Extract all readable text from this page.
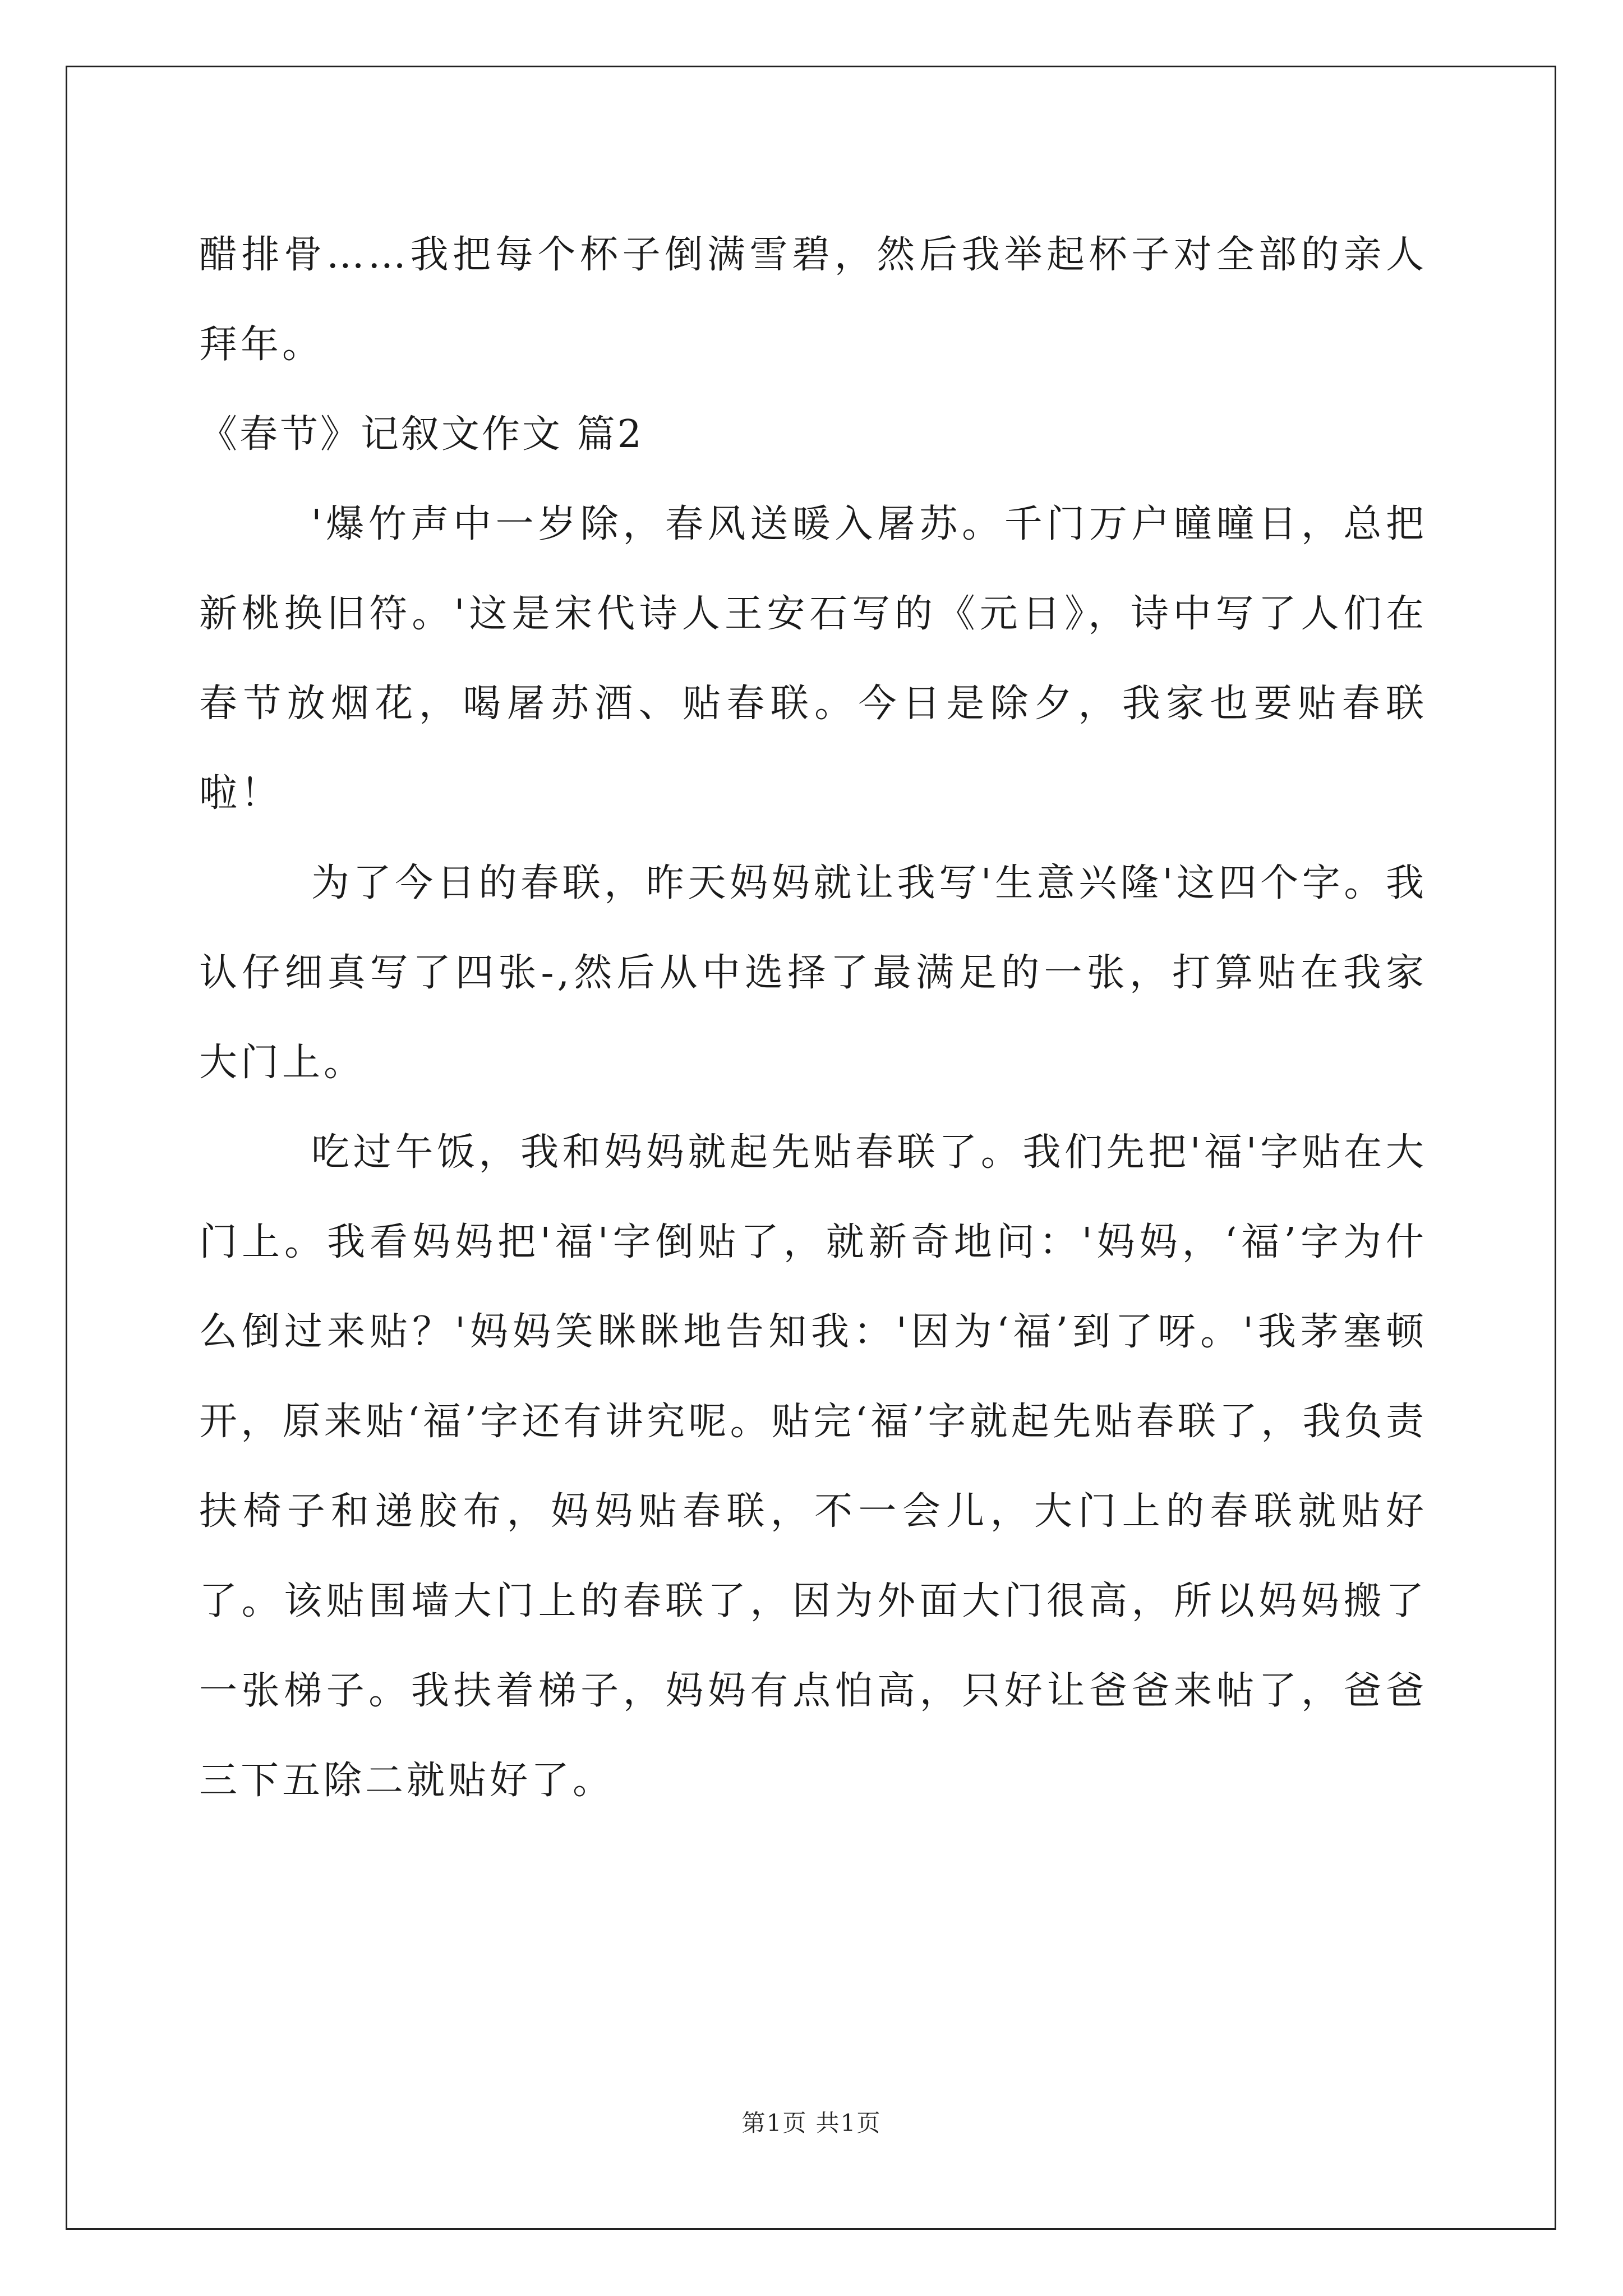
醋排骨……我把每个杯子倒满雪碧，然后我举起杯子对全部的亲人拜年。

《春节》记叙文作文 篇2

'爆竹声中一岁除，春风送暖入屠苏。千门万户曈曈日，总把新桃换旧符。'这是宋代诗人王安石写的《元日》，诗中写了人们在春节放烟花，喝屠苏酒、贴春联。今日是除夕，我家也要贴春联啦！

为了今日的春联，昨天妈妈就让我写'生意兴隆'这四个字。我认仔细真写了四张-,然后从中选择了最满足的一张，打算贴在我家大门上。

吃过午饭，我和妈妈就起先贴春联了。我们先把'福'字贴在大门上。我看妈妈把'福'字倒贴了，就新奇地问：'妈妈，‘福’字为什么倒过来贴？'妈妈笑眯眯地告知我：'因为‘福’到了呀。'我茅塞顿开，原来贴‘福’字还有讲究呢。贴完‘福’字就起先贴春联了，我负责扶椅子和递胶布，妈妈贴春联，不一会儿，大门上的春联就贴好了。该贴围墙大门上的春联了，因为外面大门很高，所以妈妈搬了一张梯子。我扶着梯子，妈妈有点怕高，只好让爸爸来帖了，爸爸三下五除二就贴好了。

第1页 共1页
